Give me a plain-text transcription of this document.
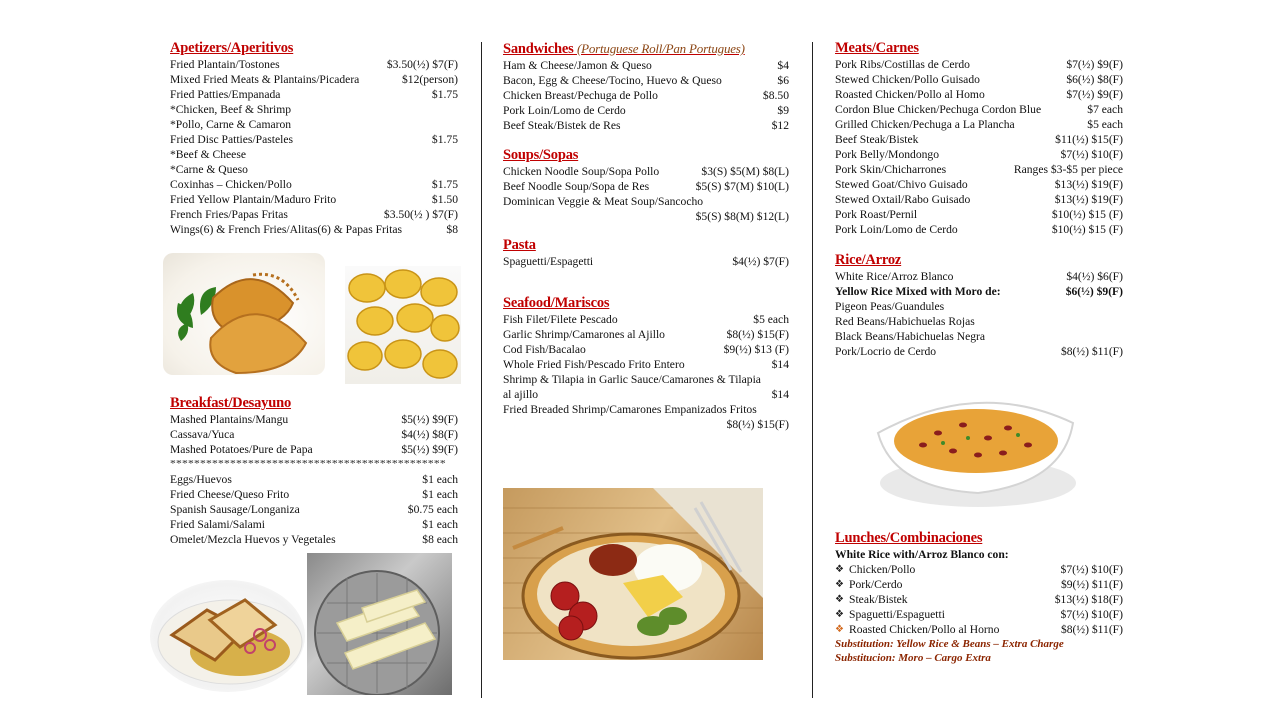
Apetizers/Aperitivos
Fried Plantain/Tostones	$3.50(½) $7(F)
Mixed Fried Meats & Plantains/Picadera	$12(person)
Fried Patties/Empanada	$1.75
*Chicken, Beef & Shrimp
*Pollo, Carne & Camaron
Fried Disc Patties/Pasteles	$1.75
*Beef & Cheese
*Carne & Queso
Coxinhas – Chicken/Pollo	$1.75
Fried Yellow Plantain/Maduro Frito	$1.50
French Fries/Papas Fritas	$3.50(½ ) $7(F)
Wings(6) & French Fries/Alitas(6) & Papas Fritas	$8
Breakfast/Desayuno
Mashed Plantains/Mangu	$5(½) $9(F)
Cassava/Yuca	$4(½) $8(F)
Mashed Potatoes/Pure de Papa	$5(½) $9(F)
**********************************************
Eggs/Huevos	$1 each
Fried Cheese/Queso Frito	$1 each
Spanish Sausage/Longaniza	$0.75 each
Fried Salami/Salami	$1 each
Omelet/Mezcla Huevos y Vegetales	$8 each
Sandwiches (Portuguese Roll/Pan Portugues)
Ham & Cheese/Jamon & Queso	$4
Bacon, Egg & Cheese/Tocino, Huevo & Queso	$6
Chicken Breast/Pechuga de Pollo	$8.50
Pork Loin/Lomo de Cerdo	$9
Beef Steak/Bistek de Res	$12
Soups/Sopas
Chicken Noodle Soup/Sopa Pollo	$3(S) $5(M) $8(L)
Beef Noodle Soup/Sopa de Res	$5(S) $7(M) $10(L)
Dominican Veggie & Meat Soup/Sancocho
$5(S) $8(M) $12(L)
Pasta
Spaguetti/Espagetti	$4(½) $7(F)
Seafood/Mariscos
Fish Filet/Filete Pescado	$5 each
Garlic Shrimp/Camarones al Ajillo	$8(½) $15(F)
Cod Fish/Bacalao	$9(½) $13 (F)
Whole Fried Fish/Pescado Frito Entero	$14
Shrimp & Tilapia in Garlic Sauce/Camarones & Tilapia
al ajillo	$14
Fried Breaded Shrimp/Camarones Empanizados Fritos
$8(½) $15(F)
Meats/Carnes
Pork Ribs/Costillas de Cerdo	$7(½) $9(F)
Stewed Chicken/Pollo Guisado	$6(½) $8(F)
Roasted Chicken/Pollo al Homo	$7(½) $9(F)
Cordon Blue Chicken/Pechuga Cordon Blue	$7 each
Grilled Chicken/Pechuga a La Plancha	$5 each
Beef Steak/Bistek	$11(½) $15(F)
Pork Belly/Mondongo	$7(½) $10(F)
Pork Skin/Chicharrones	Ranges $3-$5 per piece
Stewed Goat/Chivo Guisado	$13(½) $19(F)
Stewed Oxtail/Rabo Guisado	$13(½) $19(F)
Pork Roast/Pernil	$10(½) $15 (F)
Pork Loin/Lomo de Cerdo	$10(½) $15 (F)
Rice/Arroz
White Rice/Arroz Blanco	$4(½) $6(F)
Yellow Rice Mixed with Moro de:	$6(½) $9(F)
Pigeon Peas/Guandules
Red Beans/Habichuelas Rojas
Black Beans/Habichuelas Negra
Pork/Locrio de Cerdo	$8(½) $11(F)
Lunches/Combinaciones
White Rice with/Arroz Blanco con:
❖ Chicken/Pollo	$7(½) $10(F)
❖ Pork/Cerdo	$9(½) $11(F)
❖ Steak/Bistek	$13(½) $18(F)
❖ Spaguetti/Espaguetti	$7(½) $10(F)
❖ Roasted Chicken/Pollo al Horno	$8(½) $11(F)
Substitution: Yellow Rice & Beans – Extra Charge
Substitucion: Moro – Cargo Extra
